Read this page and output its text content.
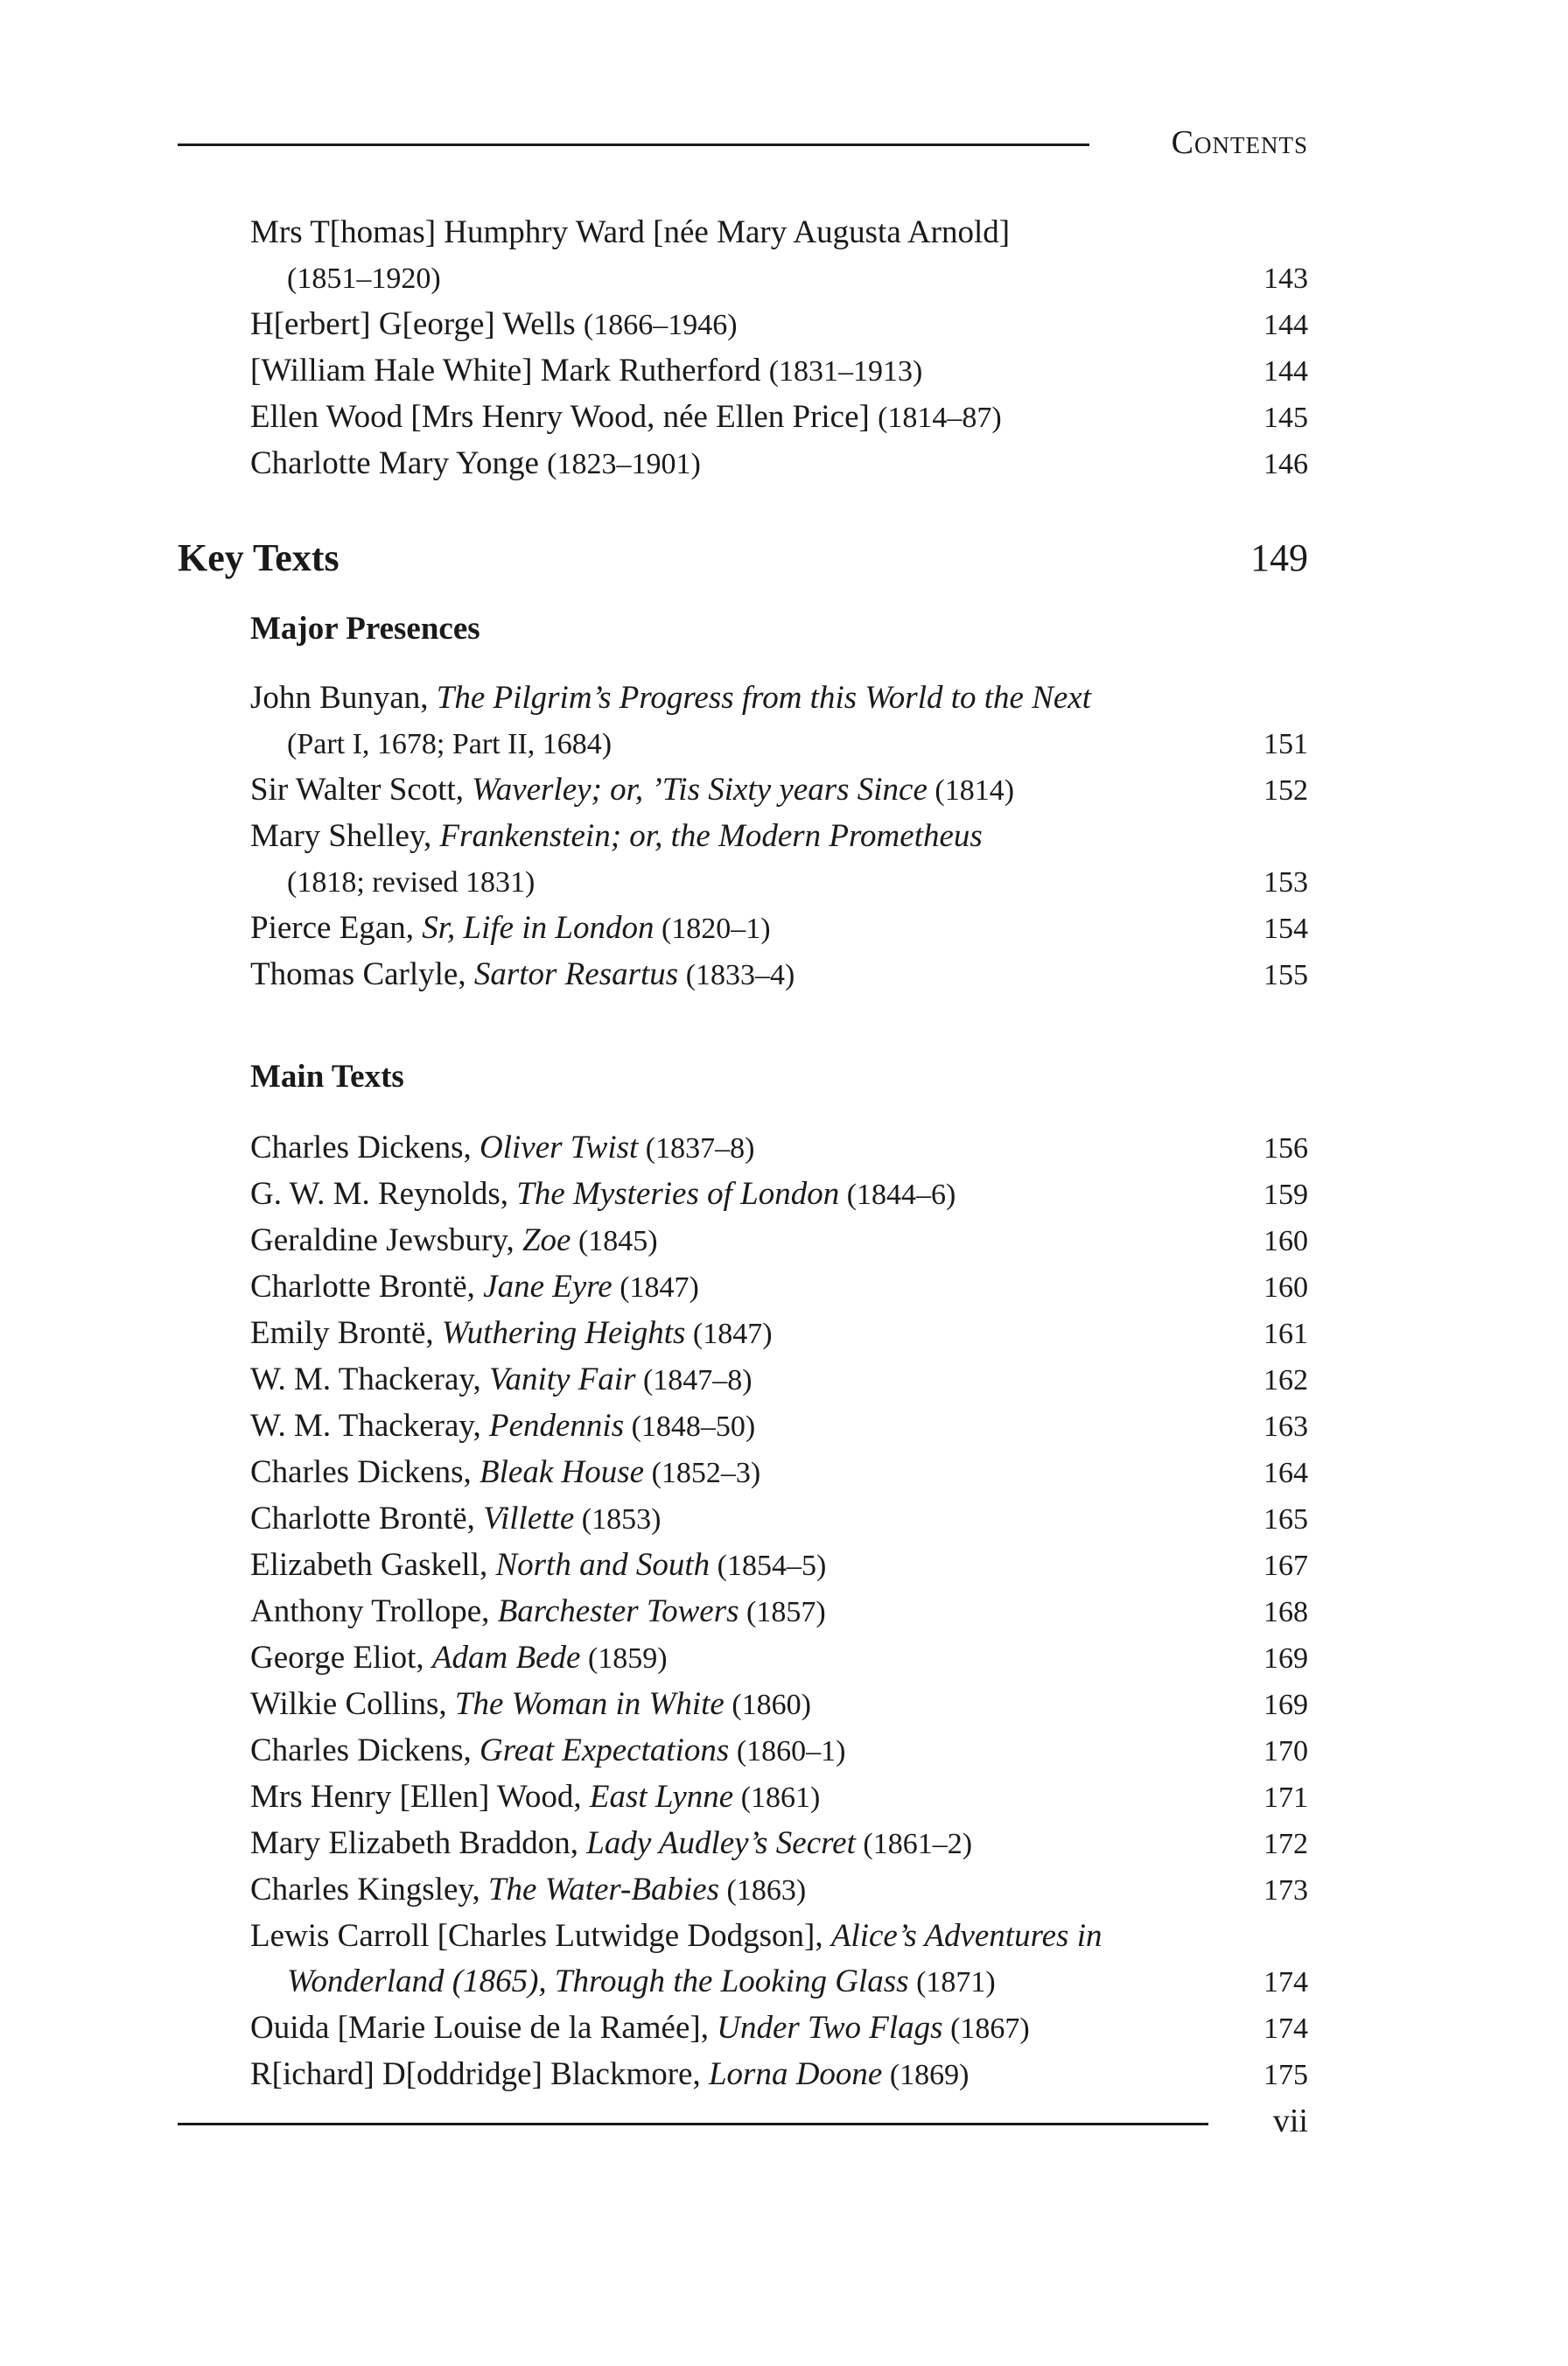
Contents
Mrs T[homas] Humphry Ward [née Mary Augusta Arnold]
(1851–1920)	143
H[erbert] G[eorge] Wells (1866–1946)	144
[William Hale White] Mark Rutherford (1831–1913)	144
Ellen Wood [Mrs Henry Wood, née Ellen Price] (1814–87)	145
Charlotte Mary Yonge (1823–1901)	146
Key Texts	149
Major Presences
John Bunyan, The Pilgrim’s Progress from this World to the Next
(Part I, 1678; Part II, 1684)	151
Sir Walter Scott, Waverley; or, ’Tis Sixty years Since (1814)	152
Mary Shelley, Frankenstein; or, the Modern Prometheus
(1818; revised 1831)	153
Pierce Egan, Sr, Life in London (1820–1)	154
Thomas Carlyle, Sartor Resartus (1833–4)	155
Main Texts
Charles Dickens, Oliver Twist (1837–8)	156
G. W. M. Reynolds, The Mysteries of London (1844–6)	159
Geraldine Jewsbury, Zoe (1845)	160
Charlotte Brontë, Jane Eyre (1847)	160
Emily Brontë, Wuthering Heights (1847)	161
W. M. Thackeray, Vanity Fair (1847–8)	162
W. M. Thackeray, Pendennis (1848–50)	163
Charles Dickens, Bleak House (1852–3)	164
Charlotte Brontë, Villette (1853)	165
Elizabeth Gaskell, North and South (1854–5)	167
Anthony Trollope, Barchester Towers (1857)	168
George Eliot, Adam Bede (1859)	169
Wilkie Collins, The Woman in White (1860)	169
Charles Dickens, Great Expectations (1860–1)	170
Mrs Henry [Ellen] Wood, East Lynne (1861)	171
Mary Elizabeth Braddon, Lady Audley’s Secret (1861–2)	172
Charles Kingsley, The Water-Babies (1863)	173
Lewis Carroll [Charles Lutwidge Dodgson], Alice’s Adventures in
Wonderland (1865), Through the Looking Glass (1871)	174
Ouida [Marie Louise de la Ramée], Under Two Flags (1867)	174
R[ichard] D[oddridge] Blackmore, Lorna Doone (1869)	175
vii
